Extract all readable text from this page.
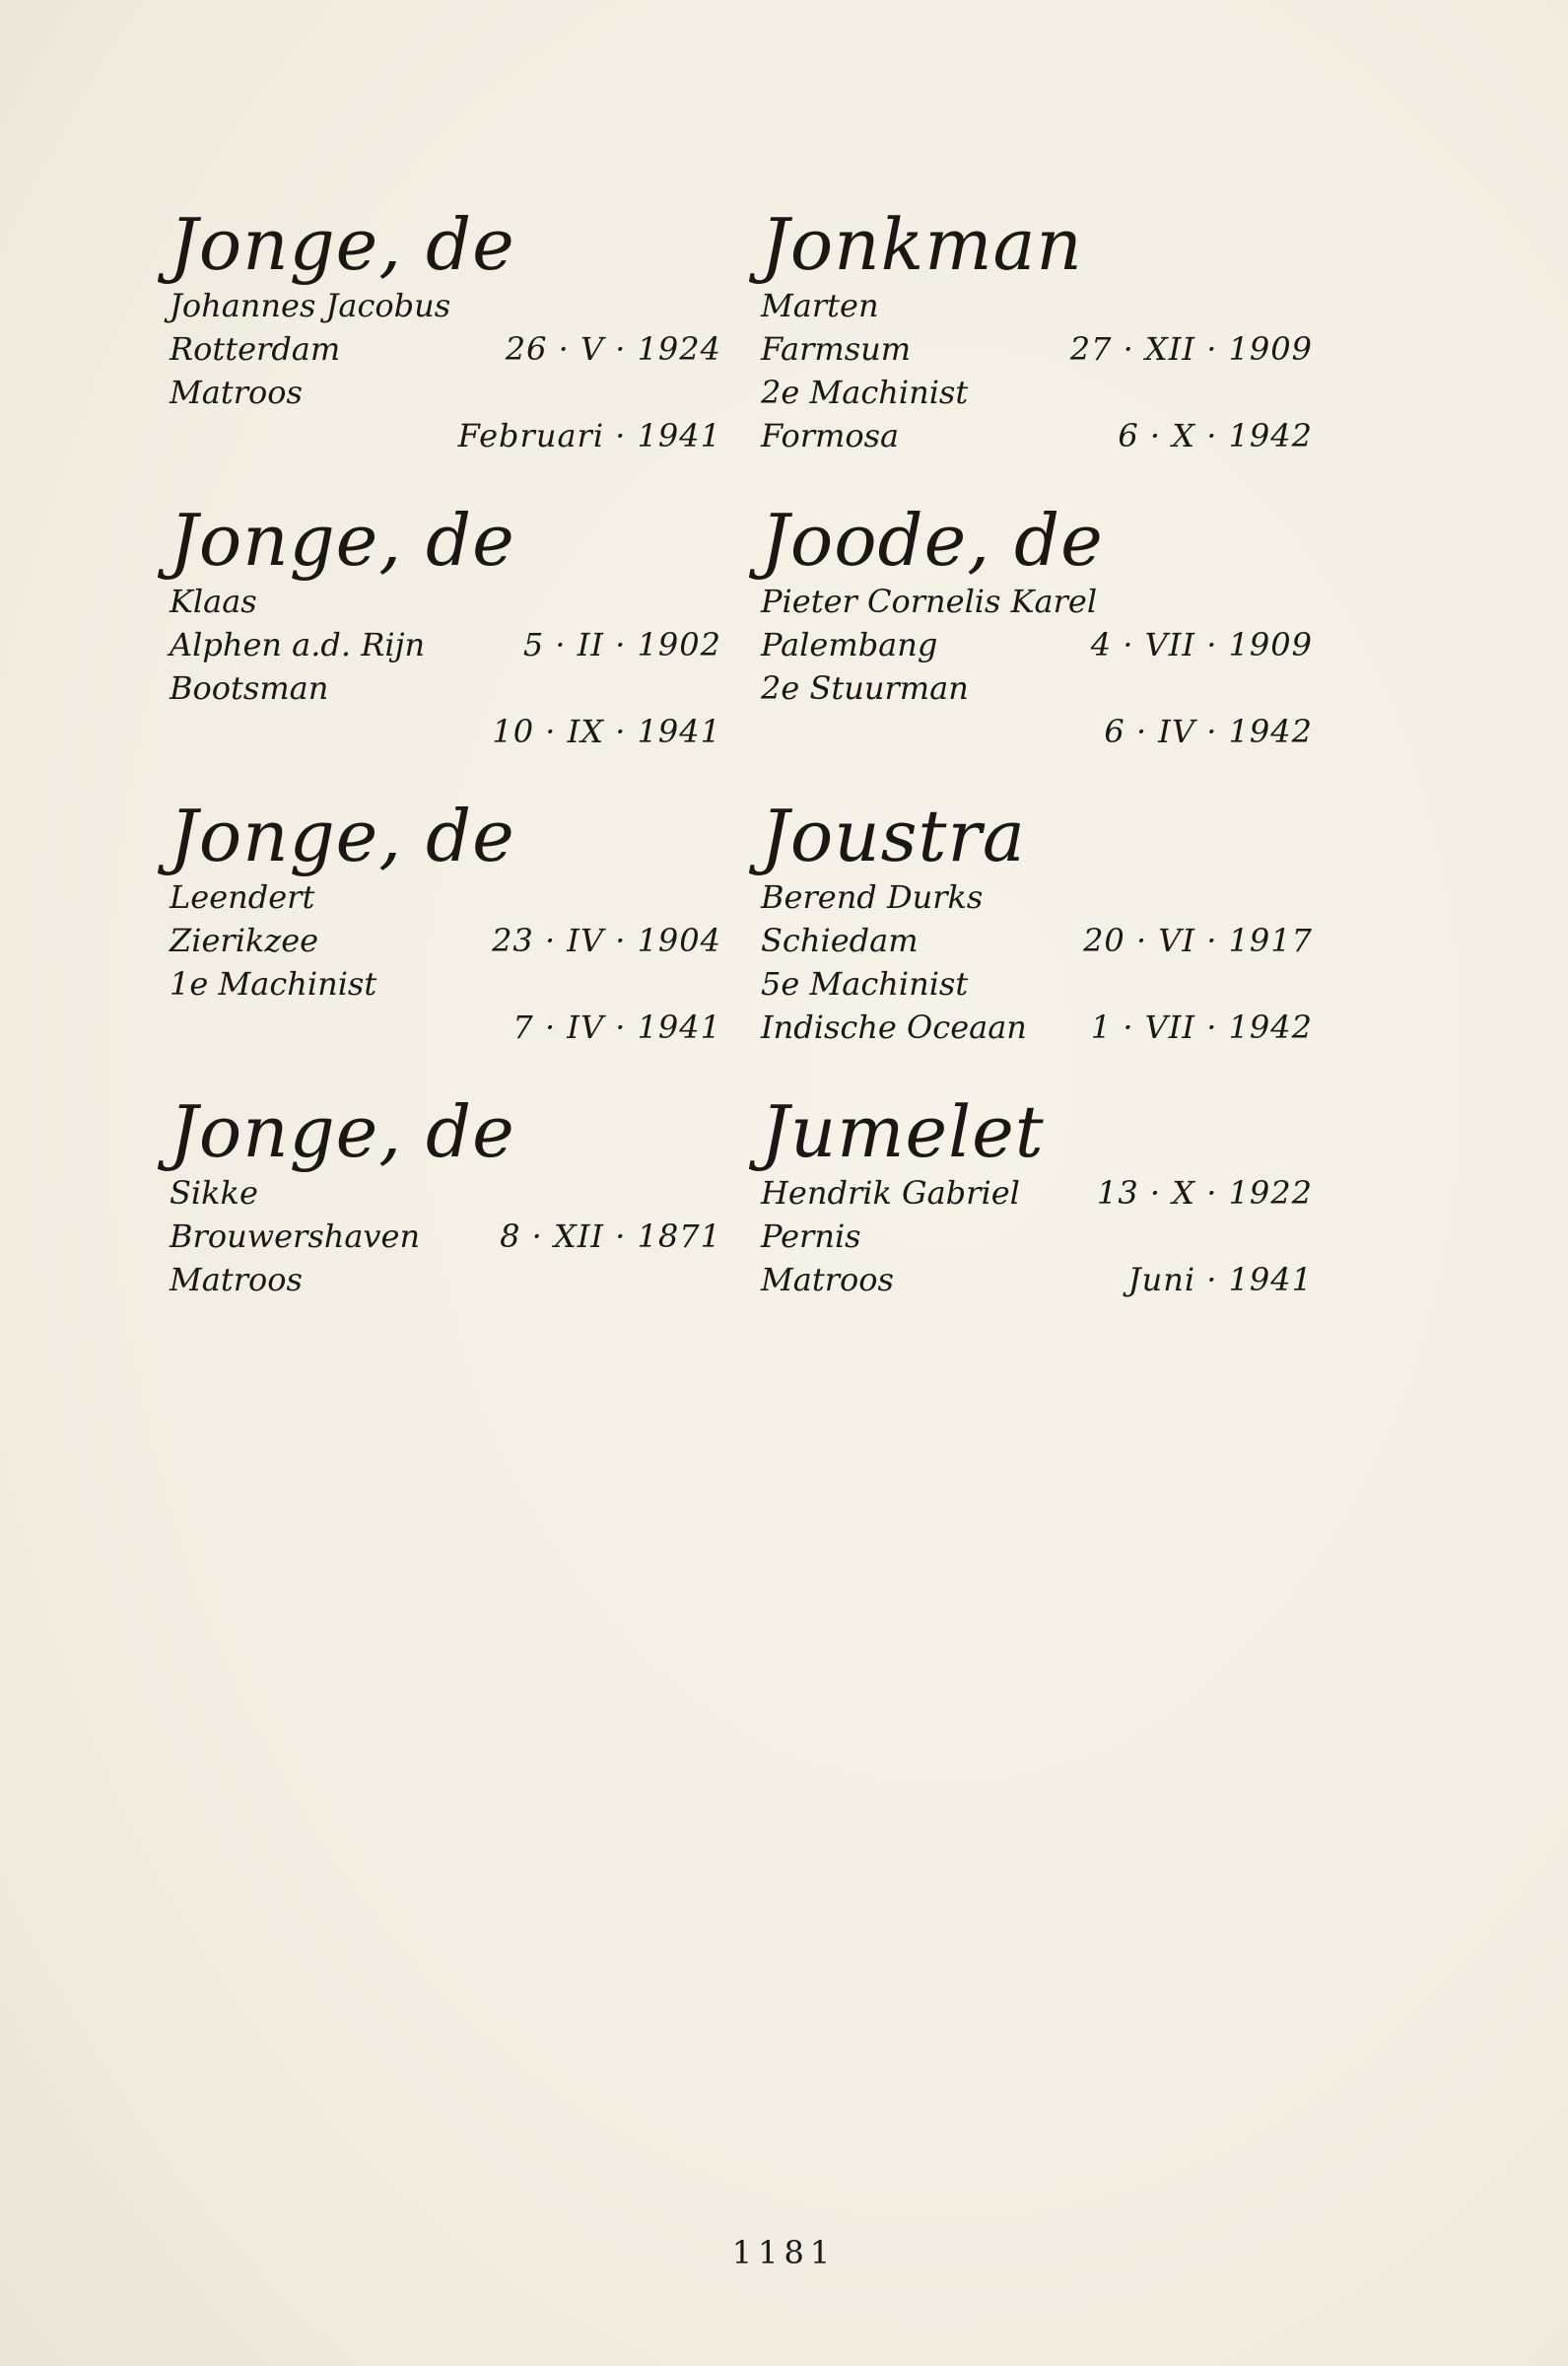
Jonge, de

Johannes Jacobus

Rotterdam	26 · V · 1924

Matroos

Februari · 1941
Jonge, de

Klaas

Alphen a.d. Rijn	5 · II · 1902

Bootsman

10 · IX · 1941
Jonge, de

Leendert

Zierikzee	23 · IV · 1904

1e Machinist

7 · IV · 1941
Jonge, de

Sikke

Brouwershaven	8 · XII · 1871

Matroos

Jonkman

Marten

Farmsum	27 · XII · 1909

2e Machinist

Formosa	6 · X · 1942
Joode, de

Pieter Cornelis Karel

Palembang	4 · VII · 1909

2e Stuurman

6 · IV · 1942
Joustra

Berend Durks

Schiedam	20 · VI · 1917

5e Machinist

Indische Oceaan 1 · VII · 1942
Jumelet
Hendrik Gabriel 13 · X · 1922

Pernis

Matroos	Juni · 1941
1181
